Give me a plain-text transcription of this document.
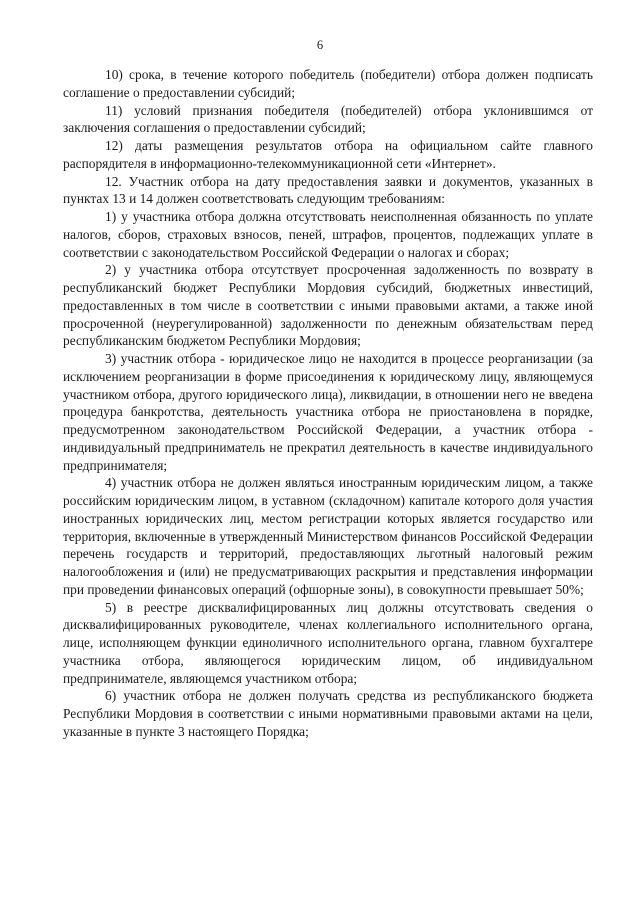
6

10) срока, в течение которого победитель (победители) отбора должен подписать соглашение о предоставлении субсидий;

11) условий признания победителя (победителей) отбора уклонившимся от заключения соглашения о предоставлении субсидий;

12) даты размещения результатов отбора на официальном сайте главного распорядителя в информационно-телекоммуникационной сети «Интернет».

12. Участник отбора на дату предоставления заявки и документов, указанных в пунктах 13 и 14 должен соответствовать следующим требованиям:

1) у участника отбора должна отсутствовать неисполненная обязанность по уплате налогов, сборов, страховых взносов, пеней, штрафов, процентов, подлежащих уплате в соответствии с законодательством Российской Федерации о налогах и сборах;

2) у участника отбора отсутствует просроченная задолженность по возврату в республиканский бюджет Республики Мордовия субсидий, бюджетных инвестиций, предоставленных в том числе в соответствии с иными правовыми актами, а также иной просроченной (неурегулированной) задолженности по денежным обязательствам перед республиканским бюджетом Республики Мордовия;

3) участник отбора - юридическое лицо не находится в процессе реорганизации (за исключением реорганизации в форме присоединения к юридическому лицу, являющемуся участником отбора, другого юридического лица), ликвидации, в отношении него не введена процедура банкротства, деятельность участника отбора не приостановлена в порядке, предусмотренном законодательством Российской Федерации, а участник отбора - индивидуальный предприниматель не прекратил деятельность в качестве индивидуального предпринимателя;

4) участник отбора не должен являться иностранным юридическим лицом, а также российским юридическим лицом, в уставном (складочном) капитале которого доля участия иностранных юридических лиц, местом регистрации которых является государство или территория, включенные в утвержденный Министерством финансов Российской Федерации перечень государств и территорий, предоставляющих льготный налоговый режим налогообложения и (или) не предусматривающих раскрытия и представления информации при проведении финансовых операций (офшорные зоны), в совокупности превышает 50%;

5) в реестре дисквалифицированных лиц должны отсутствовать сведения о дисквалифицированных руководителе, членах коллегиального исполнительного органа, лице, исполняющем функции единоличного исполнительного органа, главном бухгалтере участника отбора, являющегося юридическим лицом, об индивидуальном предпринимателе, являющемся участником отбора;

6) участник отбора не должен получать средства из республиканского бюджета Республики Мордовия в соответствии с иными нормативными правовыми актами на цели, указанные в пункте 3 настоящего Порядка;
